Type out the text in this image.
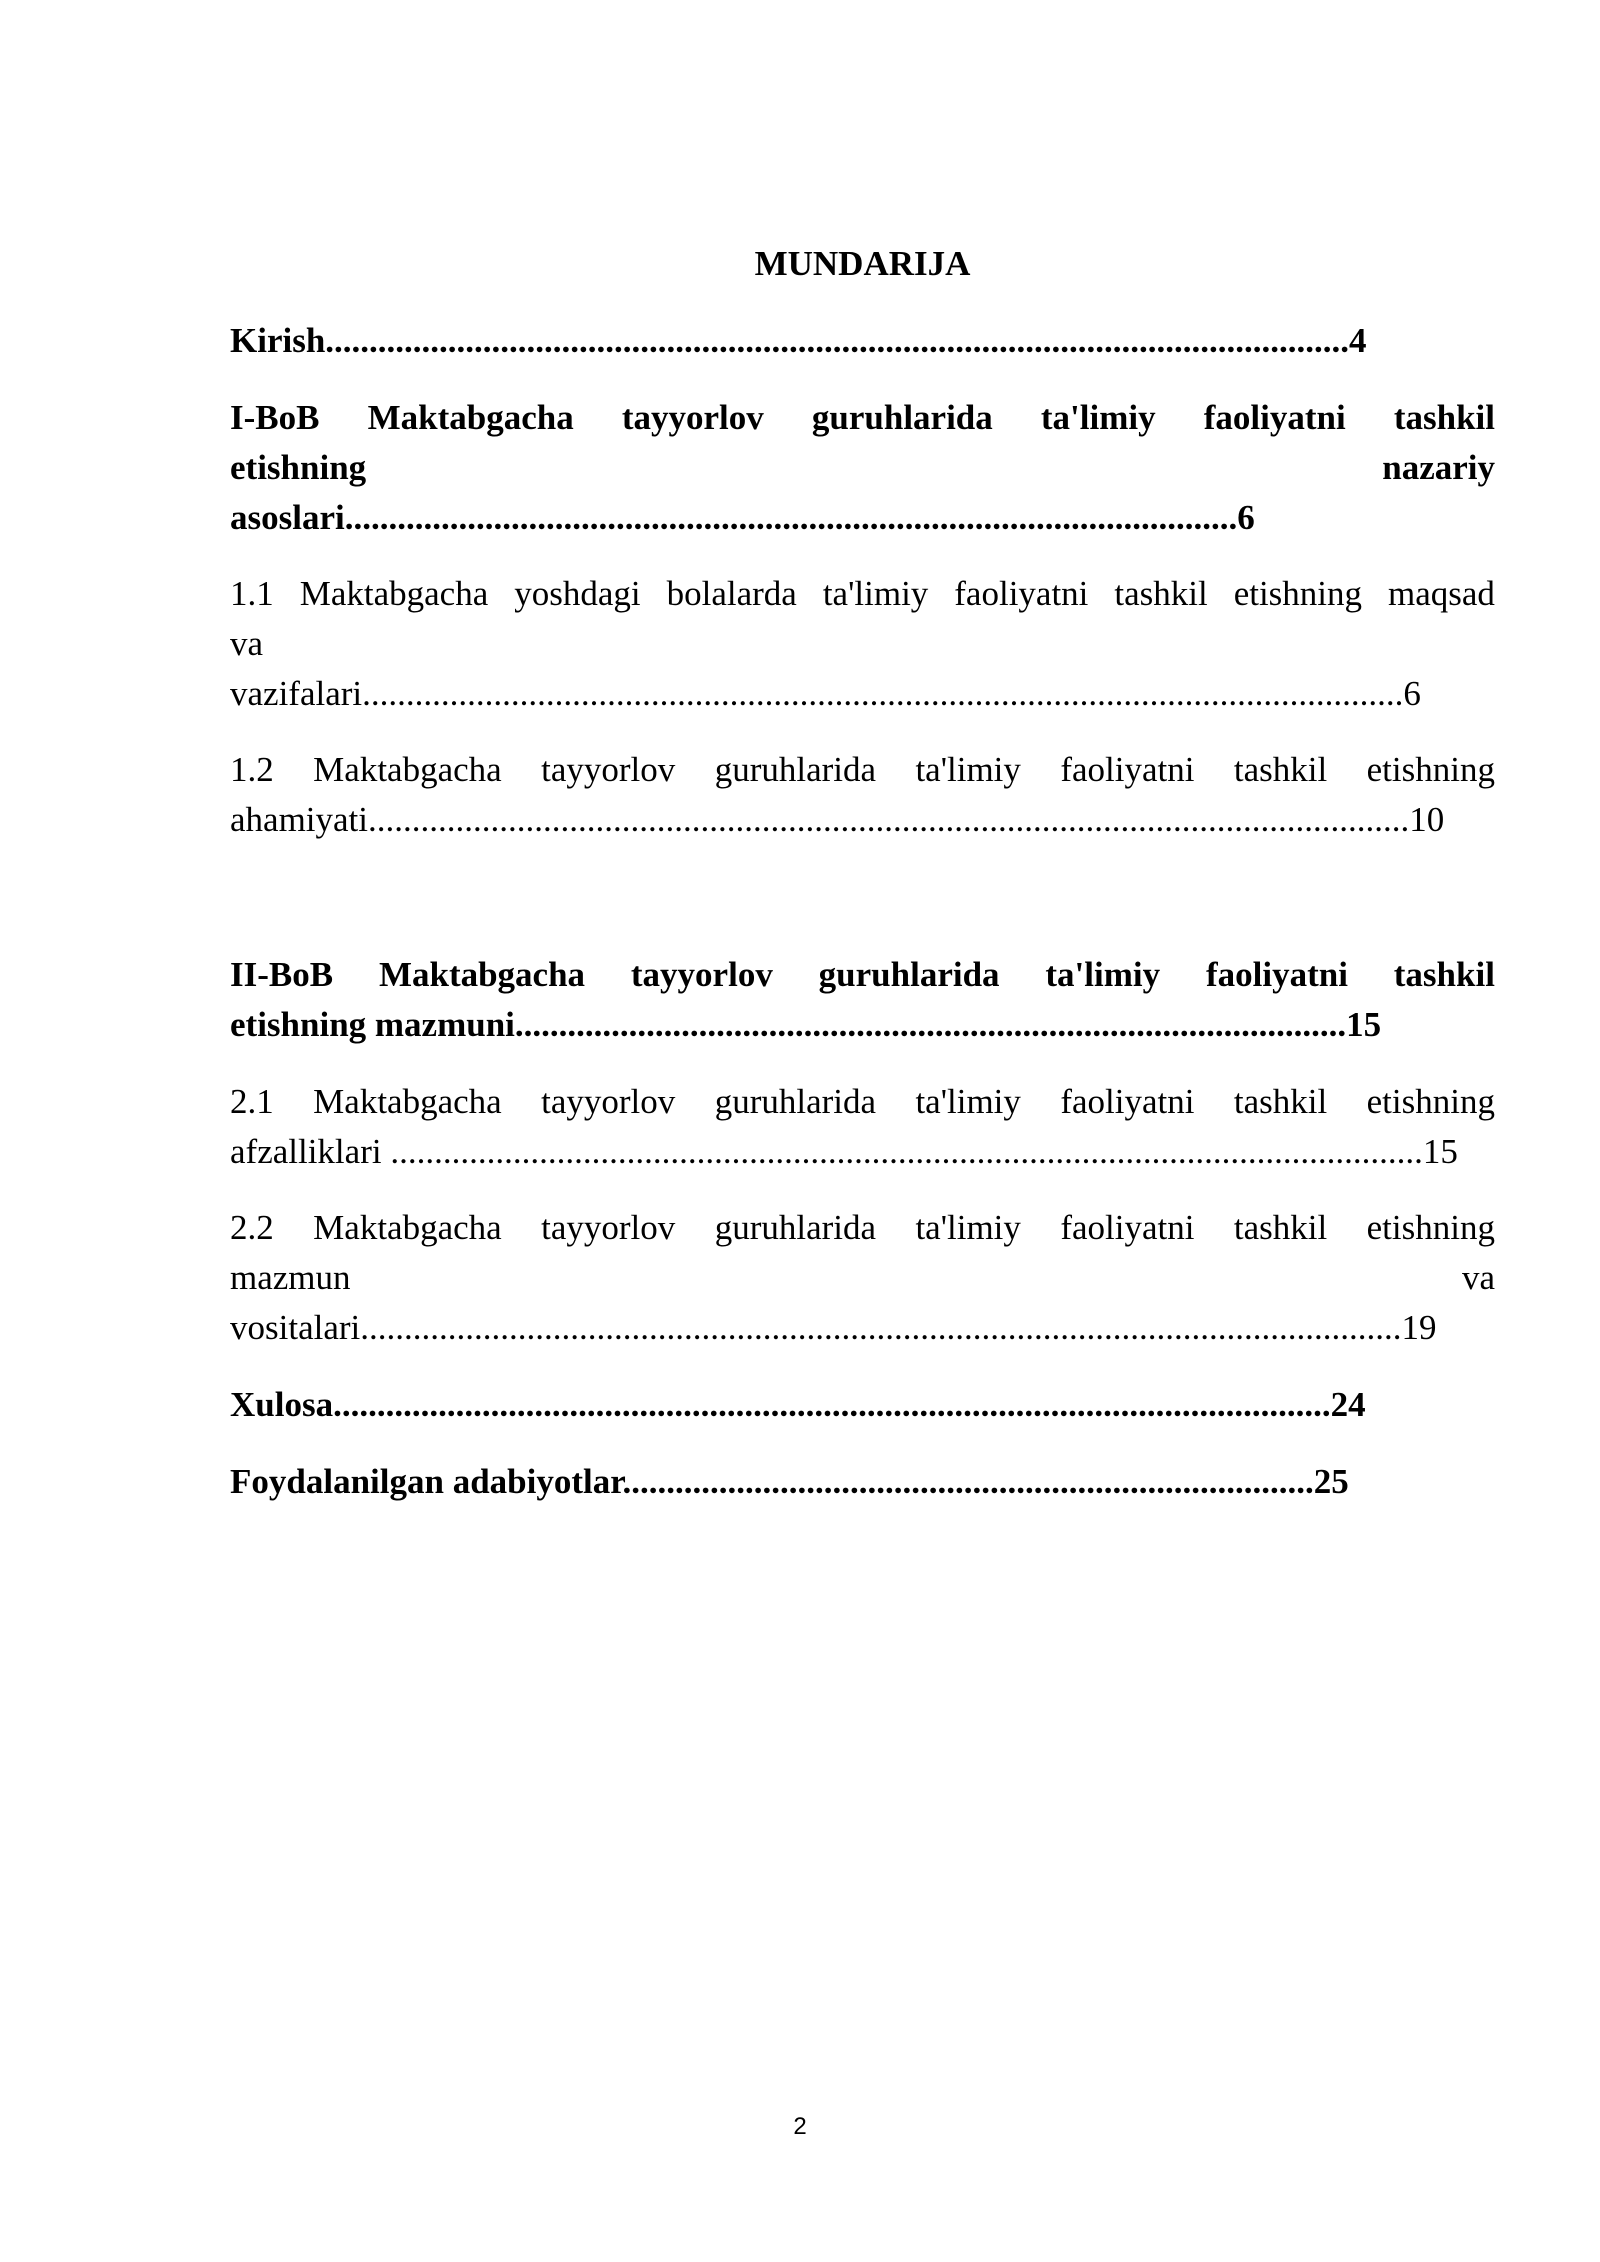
MUNDARIJA
Kirish.....................................................................................................................4
I-BoB Maktabgacha tayyorlov guruhlarida ta'limiy faoliyatni tashkil
etishning	nazariy
asoslari......................................................................................................6
1.1 Maktabgacha yoshdagi bolalarda ta'limiy faoliyatni tashkil etishning maqsad
va
vazifalari.......................................................................................................................6
1.2 Maktabgacha tayyorlov guruhlarida ta'limiy faoliyatni tashkil etishning
ahamiyati.......................................................................................................................10
II-BoB Maktabgacha tayyorlov guruhlarida ta'limiy faoliyatni tashkil
etishning mazmuni...............................................................................................15
2.1 Maktabgacha tayyorlov guruhlarida ta'limiy faoliyatni tashkil etishning
afzalliklari ......................................................................................................................15
2.2 Maktabgacha tayyorlov guruhlarida ta'limiy faoliyatni tashkil etishning
mazmun	va
vositalari.......................................................................................................................19
Xulosa..................................................................................................................24
Foydalanilgan adabiyotlar...............................................................................25
2
